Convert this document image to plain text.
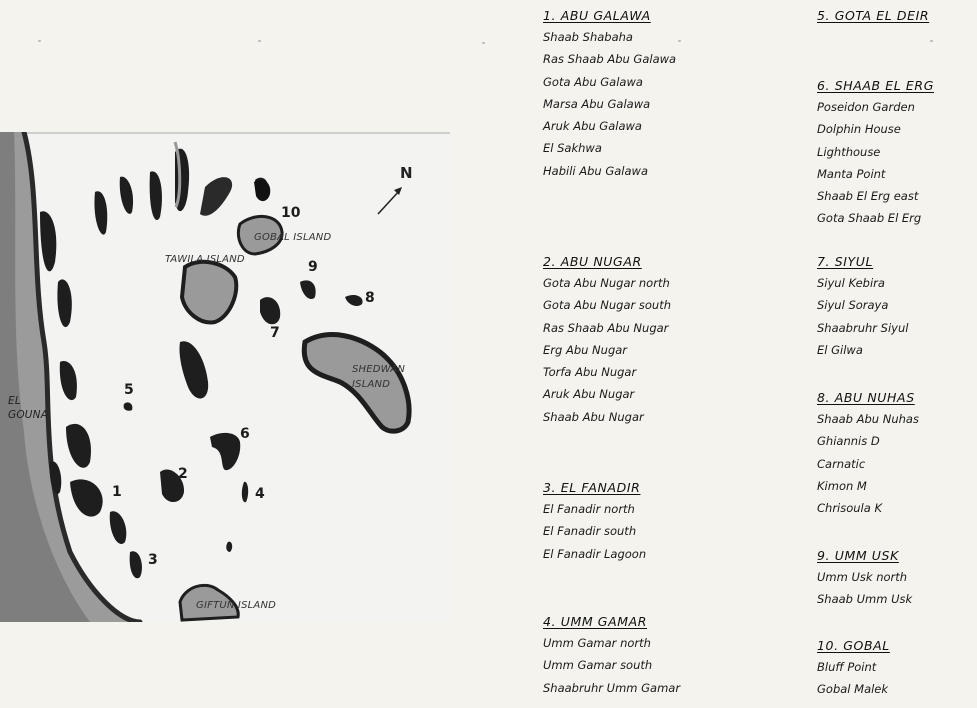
N
EL GOUNA
TAWILA ISLAND
GOBAL ISLAND
SHEDWAN ISLAND
GIFTUN ISLAND
1
2
3
4
5
6
7
8
9
10
1. ABU GALAWA
Shaab Shabaha
Ras Shaab Abu Galawa
Gota Abu Galawa
Marsa Abu Galawa
Aruk Abu Galawa
El Sakhwa
Habili Abu Galawa
2. ABU NUGAR
Gota Abu Nugar north
Gota Abu Nugar south
Ras Shaab Abu Nugar
Erg Abu Nugar
Torfa Abu Nugar
Aruk Abu Nugar
Shaab Abu Nugar
3. EL FANADIR
El Fanadir north
El Fanadir south
El Fanadir Lagoon
4. UMM GAMAR
Umm Gamar north
Umm Gamar south
Shaabruhr Umm Gamar
5. GOTA EL DEIR
6. SHAAB EL ERG
Poseidon Garden
Dolphin House
Lighthouse
Manta Point
Shaab El Erg east
Gota Shaab El Erg
7. SIYUL
Siyul Kebira
Siyul Soraya
Shaabruhr Siyul
El Gilwa
8. ABU NUHAS
Shaab Abu Nuhas
Ghiannis D
Carnatic
Kimon M
Chrisoula K
9. UMM USK
Umm Usk north
Shaab Umm Usk
10. GOBAL
Bluff Point
Gobal Malek
